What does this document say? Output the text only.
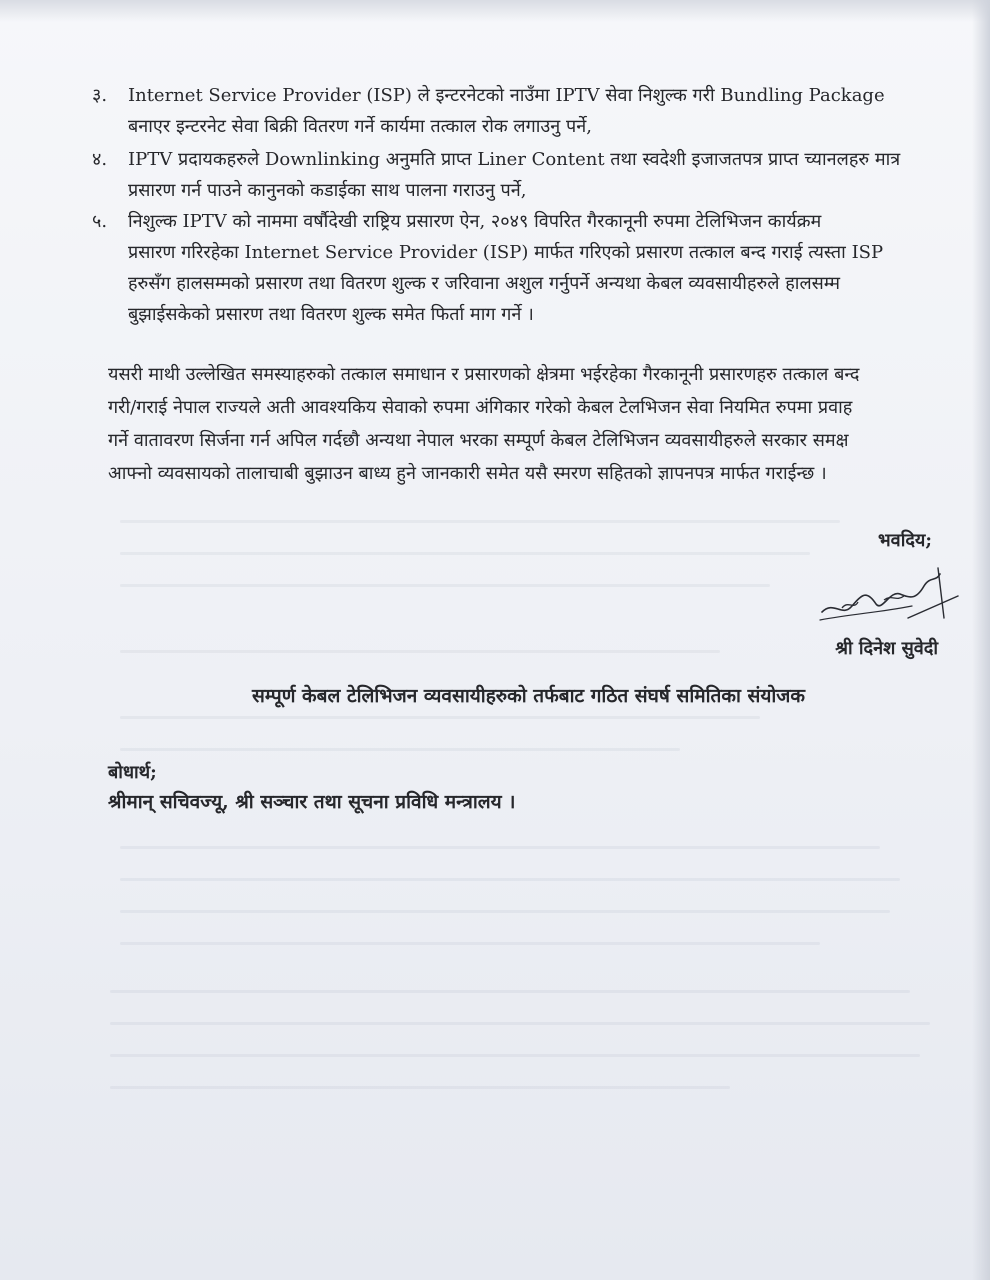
३. Internet Service Provider (ISP) ले इन्टरनेटको नाउँमा IPTV सेवा निशुल्क गरी Bundling Package
बनाएर इन्टरनेट सेवा बिक्री वितरण गर्ने कार्यमा तत्काल रोक लगाउनु पर्ने,
४. IPTV प्रदायकहरुले Downlinking अनुमति प्राप्त Liner Content तथा स्वदेशी इजाजतपत्र प्राप्त च्यानलहरु मात्र
प्रसारण गर्न पाउने कानुनको कडाईका साथ पालना गराउनु पर्ने,
५. निशुल्क IPTV को नाममा वर्षौदेखी राष्ट्रिय प्रसारण ऐन, २०४९ विपरित गैरकानूनी रुपमा टेलिभिजन कार्यक्रम
प्रसारण गरिरहेका Internet Service Provider (ISP) मार्फत गरिएको प्रसारण तत्काल बन्द गराई त्यस्ता ISP
हरुसँग हालसम्मको प्रसारण तथा वितरण शुल्क र जरिवाना अशुल गर्नुपर्ने अन्यथा केबल व्यवसायीहरुले हालसम्म
बुझाईसकेको प्रसारण तथा वितरण शुल्क समेत फिर्ता माग गर्ने ।
यसरी माथी उल्लेखित समस्याहरुको तत्काल समाधान र प्रसारणको क्षेत्रमा भईरहेका गैरकानूनी प्रसारणहरु तत्काल बन्द
गरी/गराई नेपाल राज्यले अती आवश्यकिय सेवाको रुपमा अंगिकार गरेको केबल टेलभिजन सेवा नियमित रुपमा प्रवाह
गर्ने वातावरण सिर्जना गर्न अपिल गर्दछौ अन्यथा नेपाल भरका सम्पूर्ण केबल टेलिभिजन व्यवसायीहरुले सरकार समक्ष
आफ्नो व्यवसायको तालाचाबी बुझाउन बाध्य हुने जानकारी समेत यसै स्मरण सहितको ज्ञापनपत्र मार्फत गराईन्छ ।
भवदिय;
श्री दिनेश सुवेदी
सम्पूर्ण केबल टेलिभिजन व्यवसायीहरुको तर्फबाट गठित संघर्ष समितिका संयोजक
बोधार्थ;
श्रीमान् सचिवज्यू, श्री सञ्चार तथा सूचना प्रविधि मन्त्रालय ।
